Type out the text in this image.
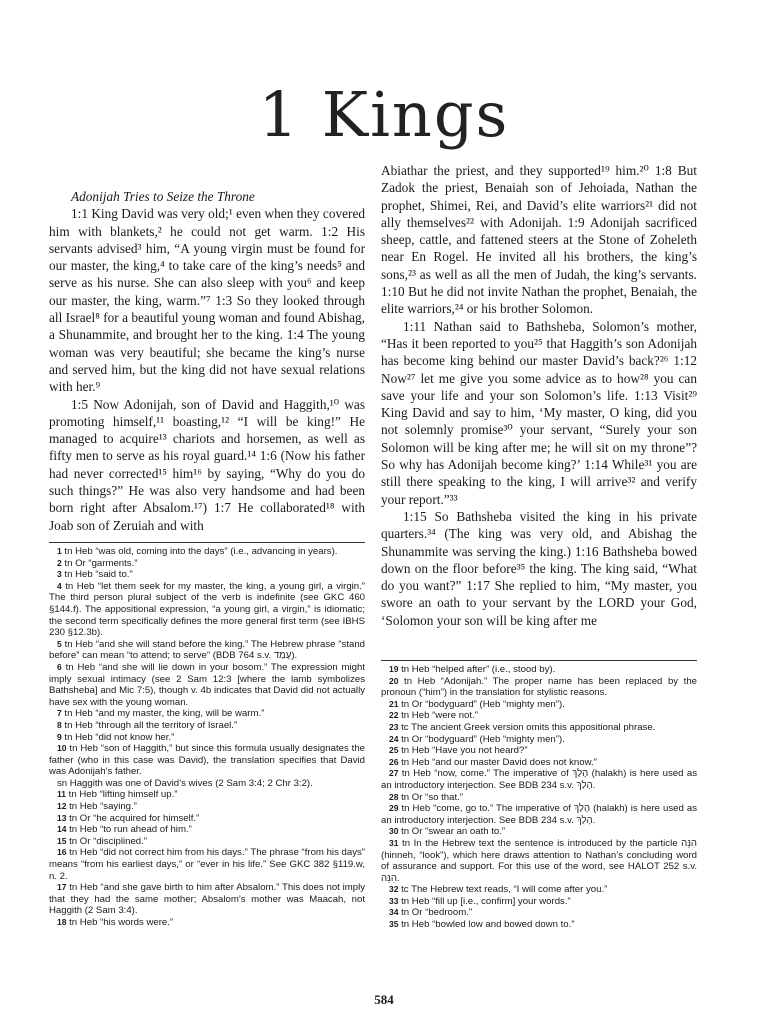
1 Kings

Adonijah Tries to Seize the Throne

1:1 King David was very old;¹ even when they covered him with blankets,² he could not get warm. 1:2 His servants advised³ him, “A young virgin must be found for our master, the king,⁴ to take care of the king’s needs⁵ and serve as his nurse. She can also sleep with you⁶ and keep our master, the king, warm.”⁷ 1:3 So they looked through all Israel⁸ for a beautiful young woman and found Abishag, a Shunammite, and brought her to the king. 1:4 The young woman was very beautiful; she became the king’s nurse and served him, but the king did not have sexual relations with her.⁹

1:5 Now Adonijah, son of David and Haggith,¹⁰ was promoting himself,¹¹ boasting,¹² “I will be king!” He managed to acquire¹³ chariots and horsemen, as well as fifty men to serve as his royal guard.¹⁴ 1:6 (Now his father had never corrected¹⁵ him¹⁶ by saying, “Why do you do such things?” He was also very handsome and had been born right after Absalom.¹⁷) 1:7 He collaborated¹⁸ with Joab son of Zeruiah and with

Abiathar the priest, and they supported¹⁹ him.²⁰ 1:8 But Zadok the priest, Benaiah son of Jehoiada, Nathan the prophet, Shimei, Rei, and David’s elite warriors²¹ did not ally themselves²² with Adonijah. 1:9 Adonijah sacrificed sheep, cattle, and fattened steers at the Stone of Zoheleth near En Rogel. He invited all his brothers, the king’s sons,²³ as well as all the men of Judah, the king’s servants. 1:10 But he did not invite Nathan the prophet, Benaiah, the elite warriors,²⁴ or his brother Solomon.

1:11 Nathan said to Bathsheba, Solomon’s mother, “Has it been reported to you²⁵ that Haggith’s son Adonijah has become king behind our master David’s back?²⁶ 1:12 Now²⁷ let me give you some advice as to how²⁸ you can save your life and your son Solomon’s life. 1:13 Visit²⁹ King David and say to him, ‘My master, O king, did you not solemnly promise³⁰ your servant, “Surely your son Solomon will be king after me; he will sit on my throne”? So why has Adonijah become king?’ 1:14 While³¹ you are still there speaking to the king, I will arrive³² and verify your report.”³³

1:15 So Bathsheba visited the king in his private quarters.³⁴ (The king was very old, and Abishag the Shunammite was serving the king.) 1:16 Bathsheba bowed down on the floor before³⁵ the king. The king said, “What do you want?” 1:17 She replied to him, “My master, you swore an oath to your servant by the LORD your God, ‘Solomon your son will be king after me

1 tn Heb “was old, coming into the days” (i.e., advancing in years).

2 tn Or “garments.”

3 tn Heb “said to.”

4 tn Heb “let them seek for my master, the king, a young girl, a virgin.” The third person plural subject of the verb is indefinite (see GKC 460 §144.f). The appositional expression, “a young girl, a virgin,” is idiomatic; the second term specifically defines the more general first term (see IBHS 230 §12.3b).

5 tn Heb “and she will stand before the king.” The Hebrew phrase “stand before” can mean “to attend; to serve” (BDB 764 s.v. עָמַד).

6 tn Heb “and she will lie down in your bosom.” The expression might imply sexual intimacy (see 2 Sam 12:3 [where the lamb symbolizes Bathsheba] and Mic 7:5), though v. 4b indicates that David did not actually have sex with the young woman.

7 tn Heb “and my master, the king, will be warm.”

8 tn Heb “through all the territory of Israel.”

9 tn Heb “did not know her.”

10 tn Heb “son of Haggith,” but since this formula usually designates the father (who in this case was David), the translation specifies that David was Adonijah’s father.

sn Haggith was one of David’s wives (2 Sam 3:4; 2 Chr 3:2).

11 tn Heb “lifting himself up.”

12 tn Heb “saying.”

13 tn Or “he acquired for himself.”

14 tn Heb “to run ahead of him.”

15 tn Or “disciplined.”

16 tn Heb “did not correct him from his days.” The phrase “from his days” means “from his earliest days,” or “ever in his life.” See GKC 382 §119.w, n. 2.

17 tn Heb “and she gave birth to him after Absalom.” This does not imply that they had the same mother; Absalom’s mother was Maacah, not Haggith (2 Sam 3:4).

18 tn Heb “his words were.”

19 tn Heb “helped after” (i.e., stood by).

20 tn Heb “Adonijah.” The proper name has been replaced by the pronoun (“him”) in the translation for stylistic reasons.

21 tn Or “bodyguard” (Heb “mighty men”).

22 tn Heb “were not.”

23 tc The ancient Greek version omits this appositional phrase.

24 tn Or “bodyguard” (Heb “mighty men”).

25 tn Heb “Have you not heard?”

26 tn Heb “and our master David does not know.”

27 tn Heb “now, come.” The imperative of הָלַךְ (halakh) is here used as an introductory interjection. See BDB 234 s.v. הָלַךְ.

28 tn Or “so that.”

29 tn Heb “come, go to.” The imperative of הָלַךְ (halakh) is here used as an introductory interjection. See BDB 234 s.v. הָלַךְ.

30 tn Or “swear an oath to.”

31 tn In the Hebrew text the sentence is introduced by the particle הִנֵּה (hinneh, “look”), which here draws attention to Nathan’s concluding word of assurance and support. For this use of the word, see HALOT 252 s.v. הִנֵּה.

32 tc The Hebrew text reads, “I will come after you.”

33 tn Heb “fill up [i.e., confirm] your words.”

34 tn Or “bedroom.”

35 tn Heb “bowled low and bowed down to.”

584
